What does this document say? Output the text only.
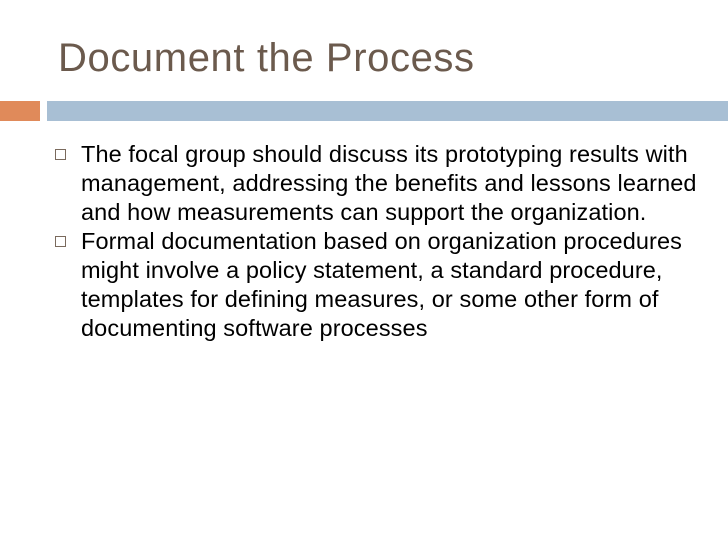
Document the Process
The focal group should discuss its prototyping results with management, addressing the benefits and lessons learned and how measurements can support the organization.
Formal documentation based on organization procedures might involve a policy statement, a standard procedure, templates for defining measures, or some other form of documenting software processes
